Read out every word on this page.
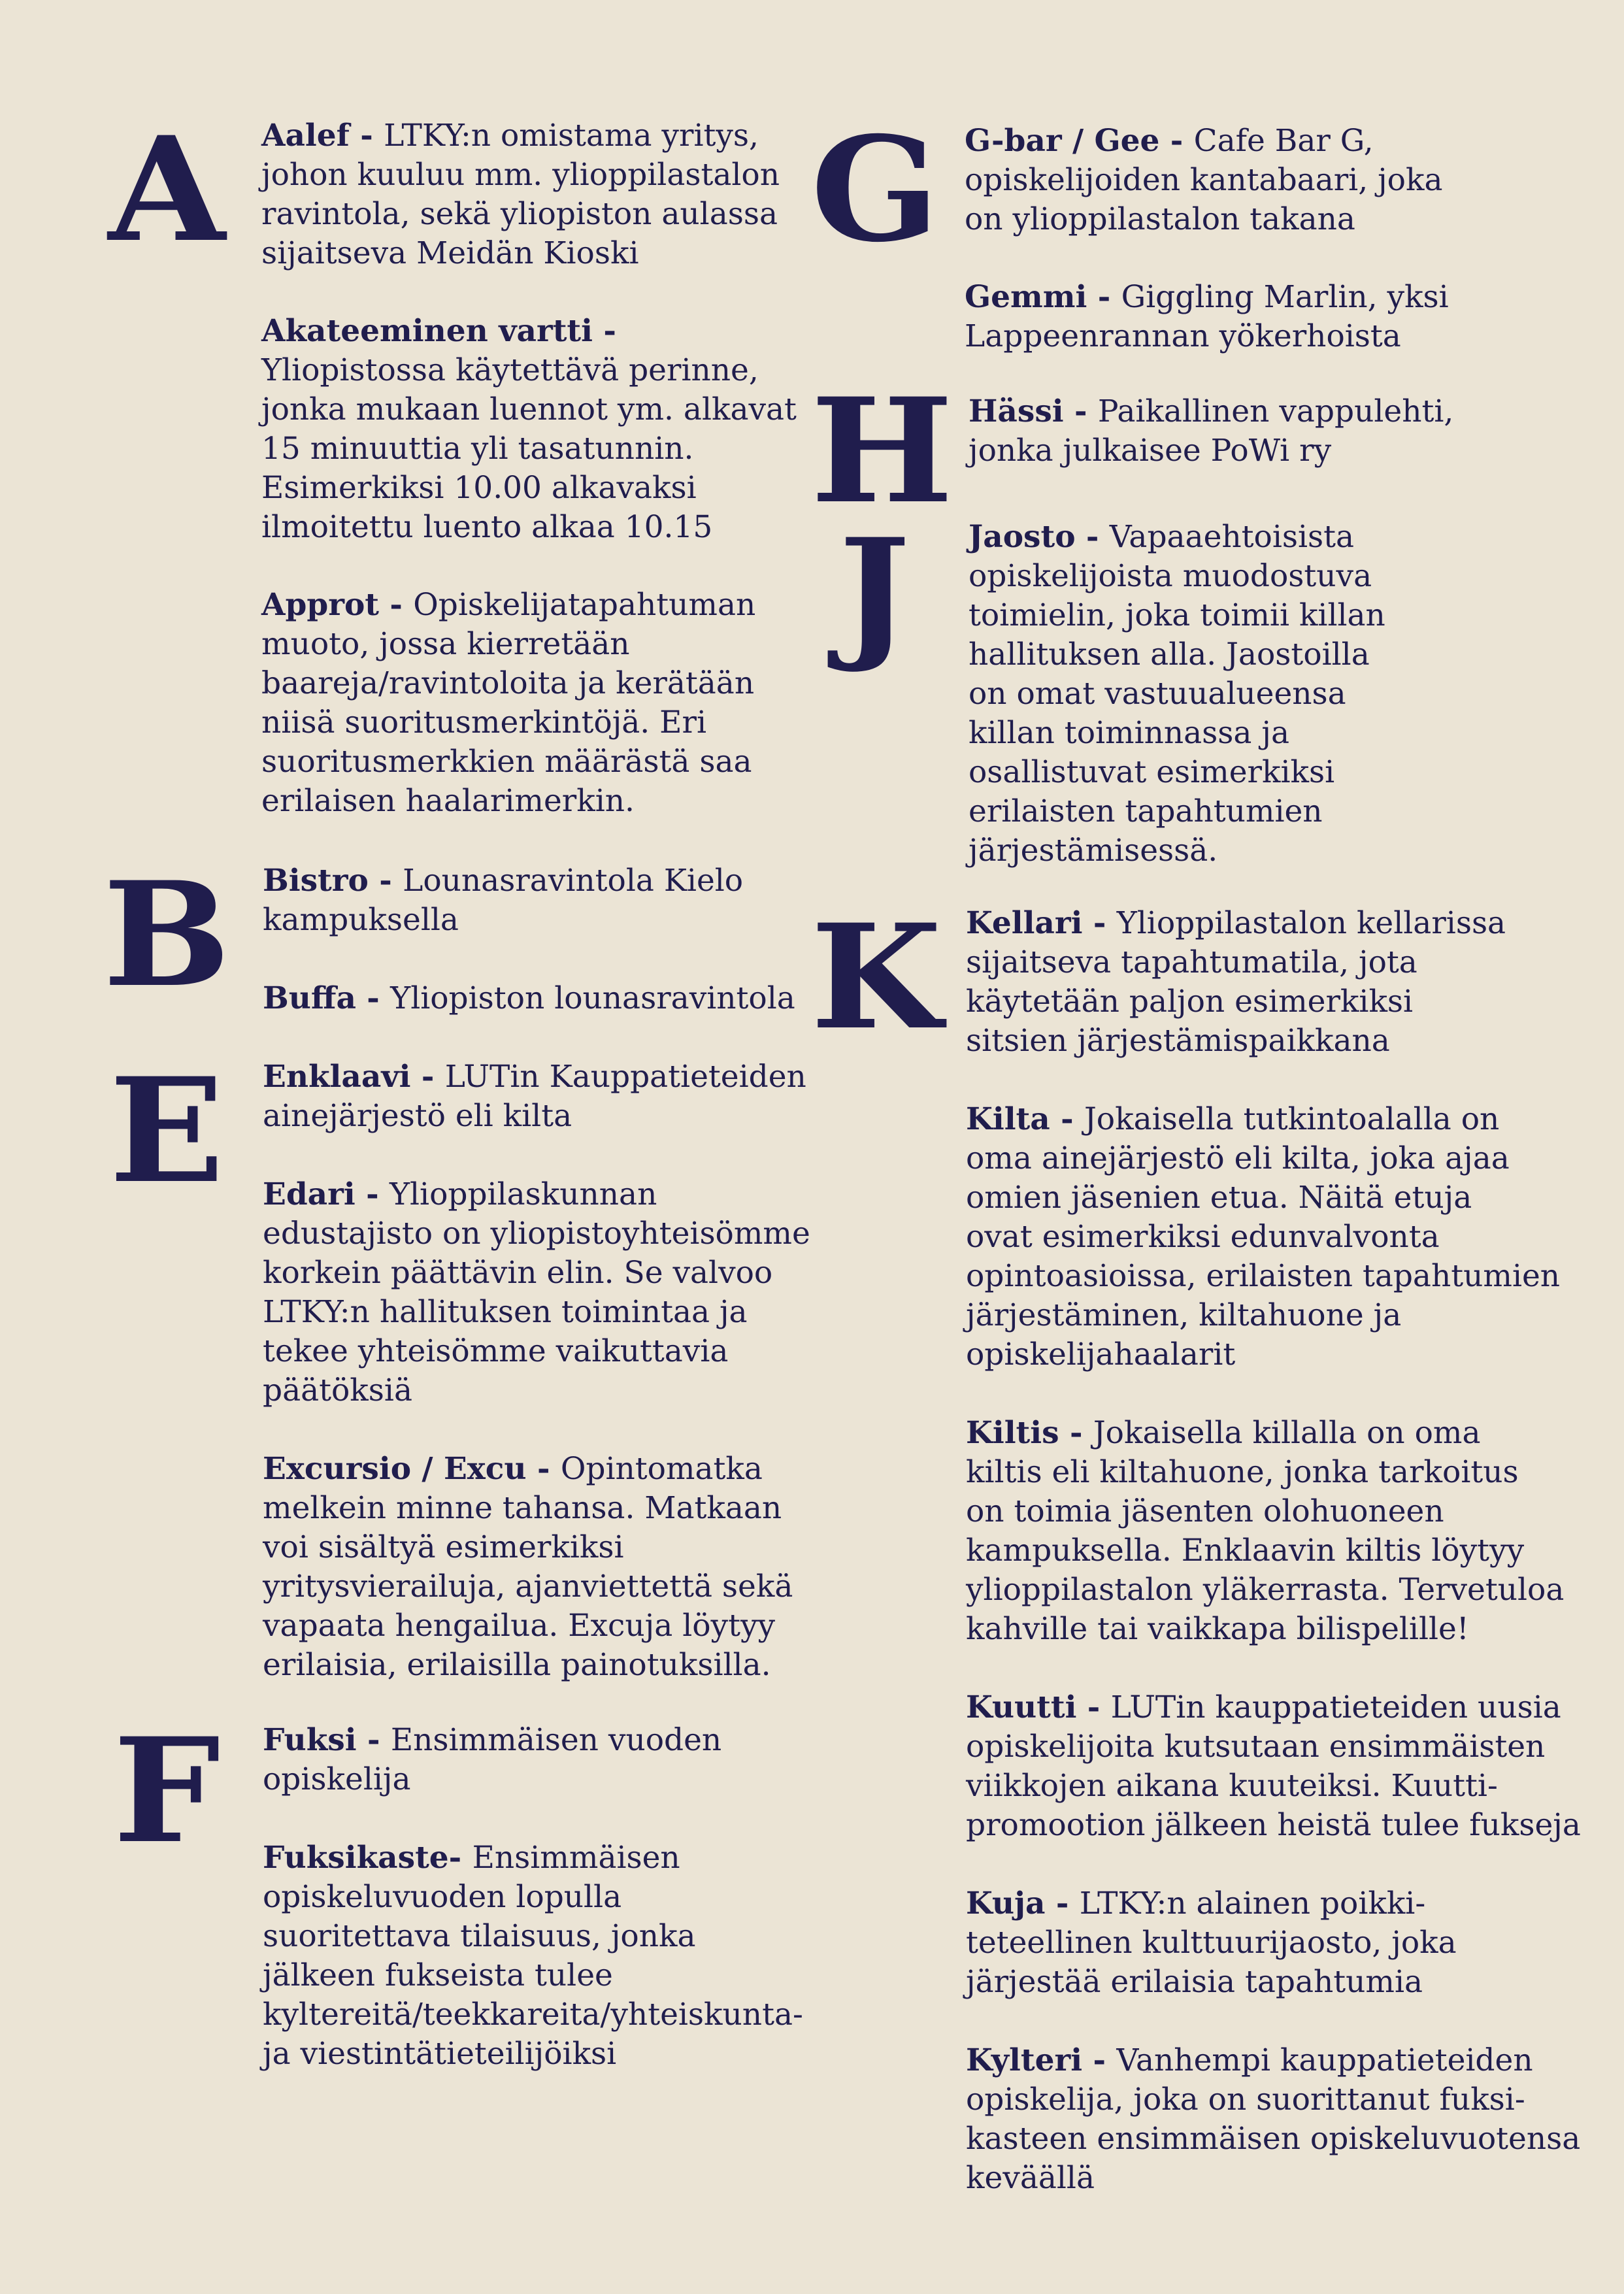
A
B
E
F
G
H
J
K

Aalef - LTKY:n omistama yritys,
johon kuuluu mm. ylioppilastalon
ravintola, sekä yliopiston aulassa
sijaitseva Meidän Kioski

Akateeminen vartti -
Yliopistossa käytettävä perinne,
jonka mukaan luennot ym. alkavat
15 minuuttia yli tasatunnin.
Esimerkiksi 10.00 alkavaksi
ilmoitettu luento alkaa 10.15

Approt - Opiskelijatapahtuman
muoto, jossa kierretään
baareja/ravintoloita ja kerätään
niisä suoritusmerkintöjä. Eri
suoritusmerkkien määrästä saa
erilaisen haalarimerkin.

Bistro - Lounasravintola Kielo
kampuksella

Buffa - Yliopiston lounasravintola

Enklaavi - LUTin Kauppatieteiden
ainejärjestö eli kilta

Edari - Ylioppilaskunnan
edustajisto on yliopistoyhteisömme
korkein päättävin elin. Se valvoo
LTKY:n hallituksen toimintaa ja
tekee yhteisömme vaikuttavia
päätöksiä

Excursio / Excu - Opintomatka
melkein minne tahansa. Matkaan
voi sisältyä esimerkiksi
yritysvierailuja, ajanviettettä sekä
vapaata hengailua. Excuja löytyy
erilaisia, erilaisilla painotuksilla.

Fuksi - Ensimmäisen vuoden
opiskelija

Fuksikaste- Ensimmäisen
opiskeluvuoden lopulla
suoritettava tilaisuus, jonka
jälkeen fukseista tulee
kyltereitä/teekkareita/yhteiskunta-
ja viestintätieteilijöiksi

G-bar / Gee - Cafe Bar G,
opiskelijoiden kantabaari, joka
on ylioppilastalon takana

Gemmi - Giggling Marlin, yksi
Lappeenrannan yökerhoista

Hässi - Paikallinen vappulehti,
jonka julkaisee PoWi ry

Jaosto - Vapaaehtoisista
opiskelijoista muodostuva
toimielin, joka toimii killan
hallituksen alla. Jaostoilla
on omat vastuualueensa
killan toiminnassa ja
osallistuvat esimerkiksi
erilaisten tapahtumien
järjestämisessä.

Kellari - Ylioppilastalon kellarissa
sijaitseva tapahtumatila, jota
käytetään paljon esimerkiksi
sitsien järjestämispaikkana

Kilta - Jokaisella tutkintoalalla on
oma ainejärjestö eli kilta, joka ajaa
omien jäsenien etua. Näitä etuja
ovat esimerkiksi edunvalvonta
opintoasioissa, erilaisten tapahtumien
järjestäminen, kiltahuone ja
opiskelijahaalarit

Kiltis - Jokaisella killalla on oma
kiltis eli kiltahuone, jonka tarkoitus
on toimia jäsenten olohuoneen
kampuksella. Enklaavin kiltis löytyy
ylioppilastalon yläkerrasta. Tervetuloa
kahville tai vaikkapa bilispelille!

Kuutti - LUTin kauppatieteiden uusia
opiskelijoita kutsutaan ensimmäisten
viikkojen aikana kuuteiksi. Kuutti-
promootion jälkeen heistä tulee fukseja

Kuja - LTKY:n alainen poikki-
teteellinen kulttuurijaosto, joka
järjestää erilaisia tapahtumia

Kylteri - Vanhempi kauppatieteiden
opiskelija, joka on suorittanut fuksi-
kasteen ensimmäisen opiskeluvuotensa
keväällä
